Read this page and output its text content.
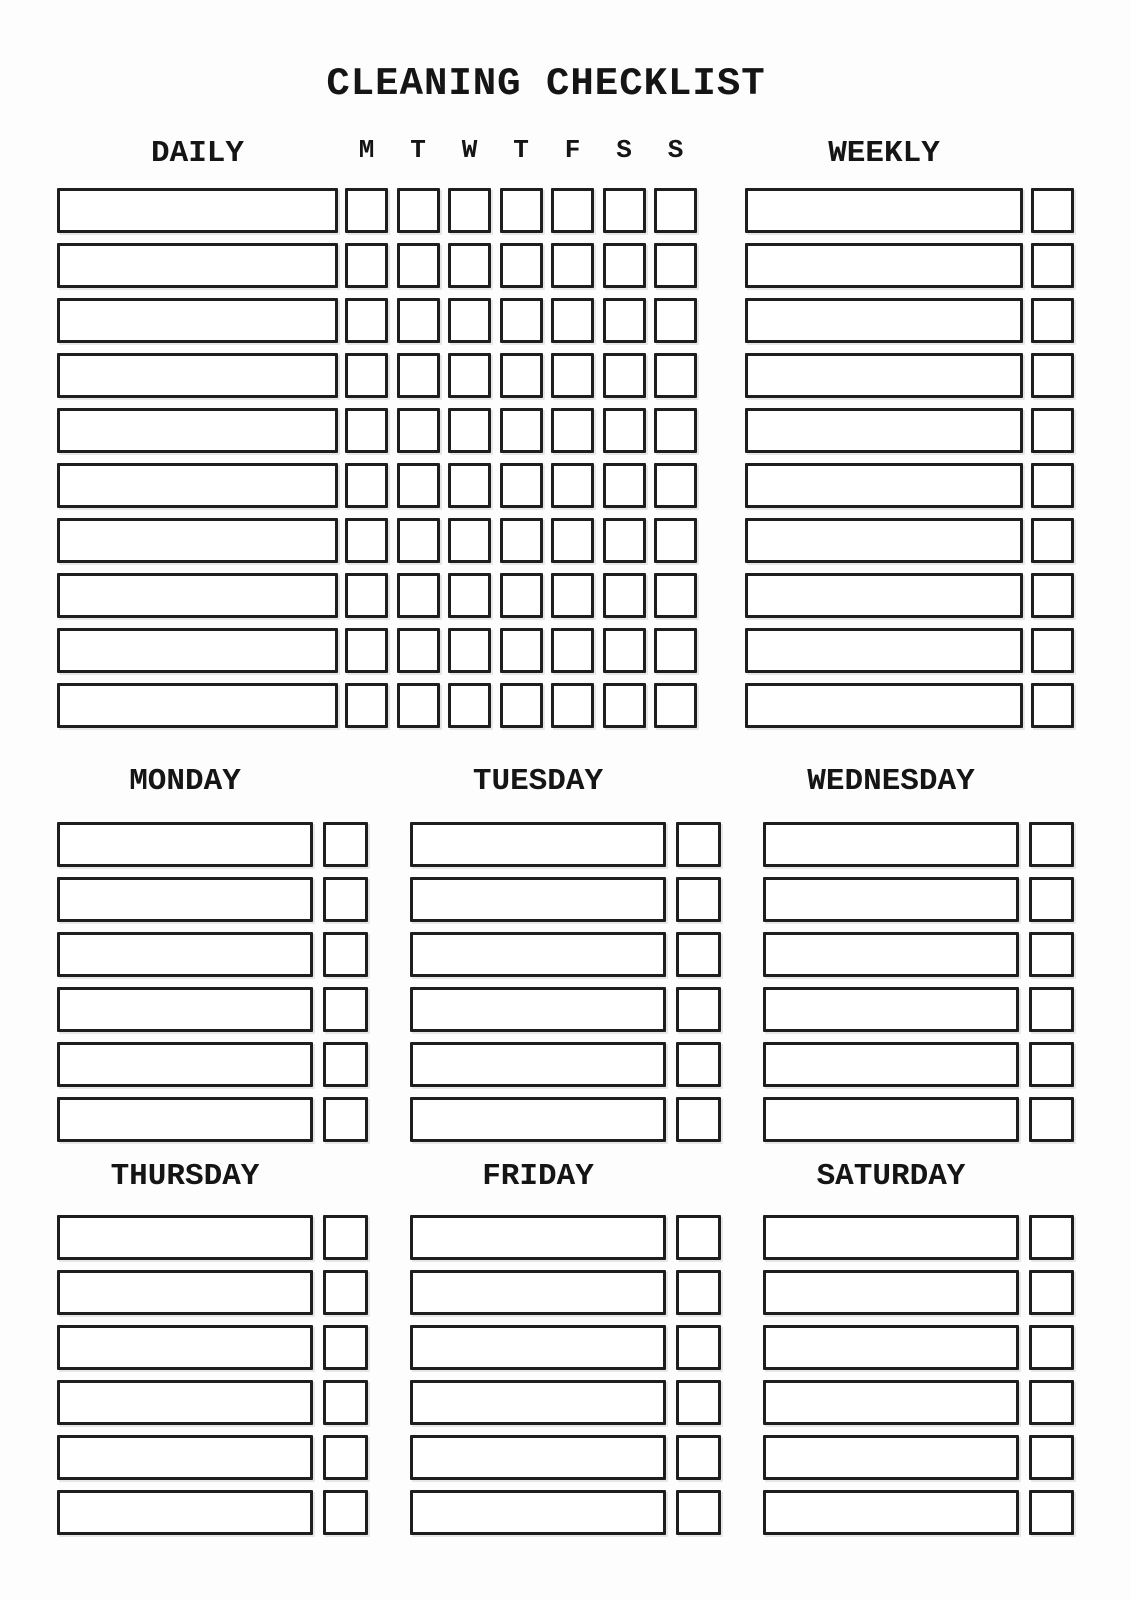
CLEANING CHECKLIST
DAILY	WEEKLY
M	T	W	T	F	S	S
MONDAY	TUESDAY	WEDNESDAY
THURSDAY	FRIDAY	SATURDAY
